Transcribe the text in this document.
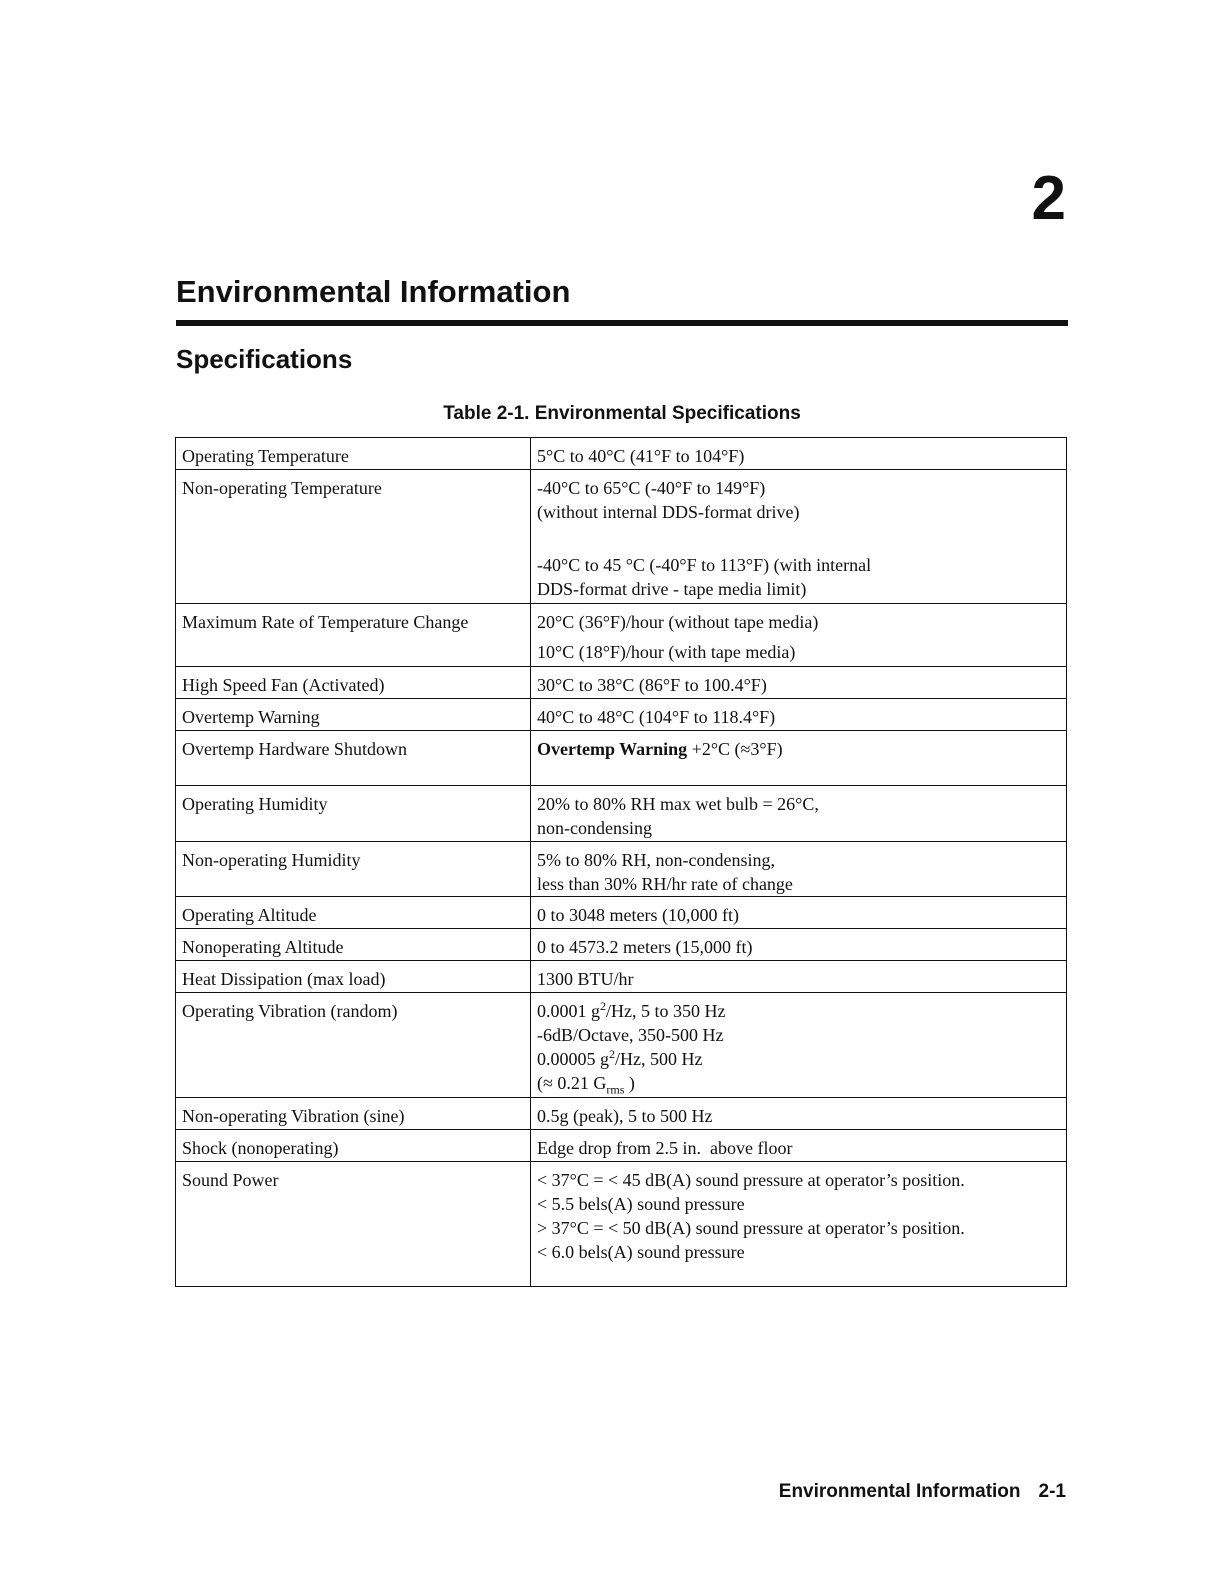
2
Environmental Information
Specifications
Table 2-1. Environmental Specifications
Operating Temperature	5°C to 40°C (41°F to 104°F)
Non-operating Temperature	-40°C to 65°C (-40°F to 149°F)
(without internal DDS-format drive)
-40°C to 45 °C (-40°F to 113°F) (with internal
DDS-format drive - tape media limit)
Maximum Rate of Temperature Change	20°C (36°F)/hour (without tape media)
10°C (18°F)/hour (with tape media)
High Speed Fan (Activated)	30°C to 38°C (86°F to 100.4°F)
Overtemp Warning	40°C to 48°C (104°F to 118.4°F)
Overtemp Hardware Shutdown	Overtemp Warning +2°C (≈3°F)
Operating Humidity	20% to 80% RH max wet bulb = 26°C,
non-condensing
Non-operating Humidity	5% to 80% RH, non-condensing,
less than 30% RH/hr rate of change
Operating Altitude	0 to 3048 meters (10,000 ft)
Nonoperating Altitude	0 to 4573.2 meters (15,000 ft)
Heat Dissipation (max load)	1300 BTU/hr
Operating Vibration (random)	0.0001 $g^2/Hz$, 5 to 350 Hz
-6dB/Octave, 350-500 Hz
0.00005 $g^2/Hz$, 500 Hz
(≈ 0.21 $G_{rms}$ )
Non-operating Vibration (sine)	0.5g (peak), 5 to 500 Hz
Shock (nonoperating)	Edge drop from 2.5 in.  above floor
Sound Power	< 37°C = < 45 dB(A) sound pressure at operator’s position.
< 5.5 bels(A) sound pressure
> 37°C = < 50 dB(A) sound pressure at operator’s position.
< 6.0 bels(A) sound pressure
Environmental Information 2-1
